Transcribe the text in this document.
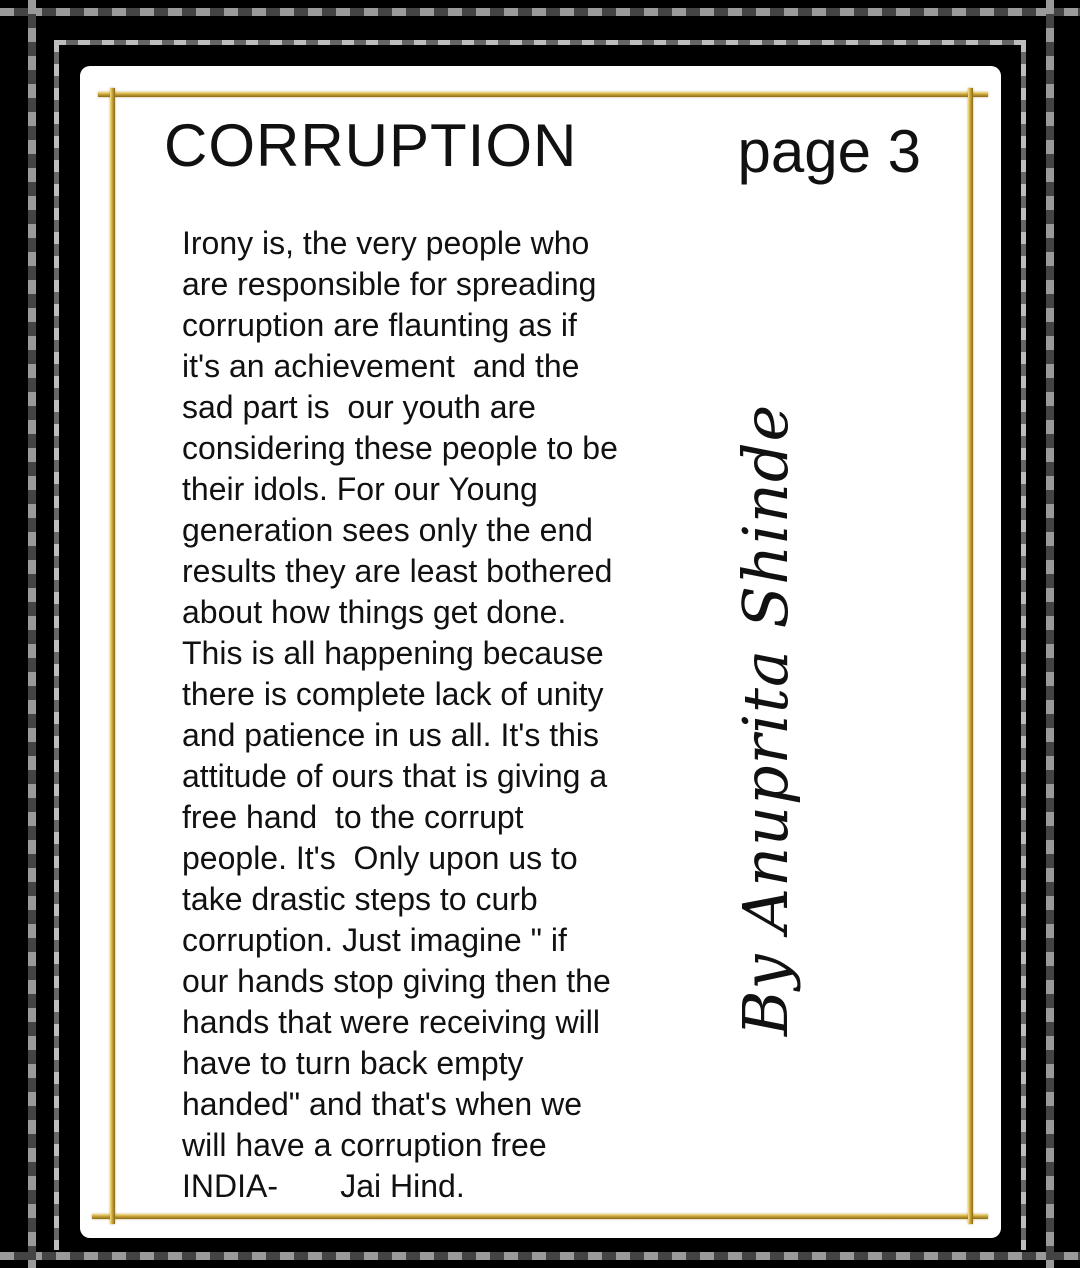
CORRUPTION	page 3
Irony is, the very people who
are responsible for spreading
corruption are flaunting as if
it's an achievement  and the
sad part is  our youth are
considering these people to be
their idols. For our Young
generation sees only the end
results they are least bothered
about how things get done.
This is all happening because
there is complete lack of unity
and patience in us all. It's this
attitude of ours that is giving a
free hand  to the corrupt
people. It's  Only upon us to
take drastic steps to curb
corruption. Just imagine " if
our hands stop giving then the
hands that were receiving will
have to turn back empty
handed" and that's when we
will have a corruption free
INDIA-       Jai Hind.
By Anuprita Shinde
